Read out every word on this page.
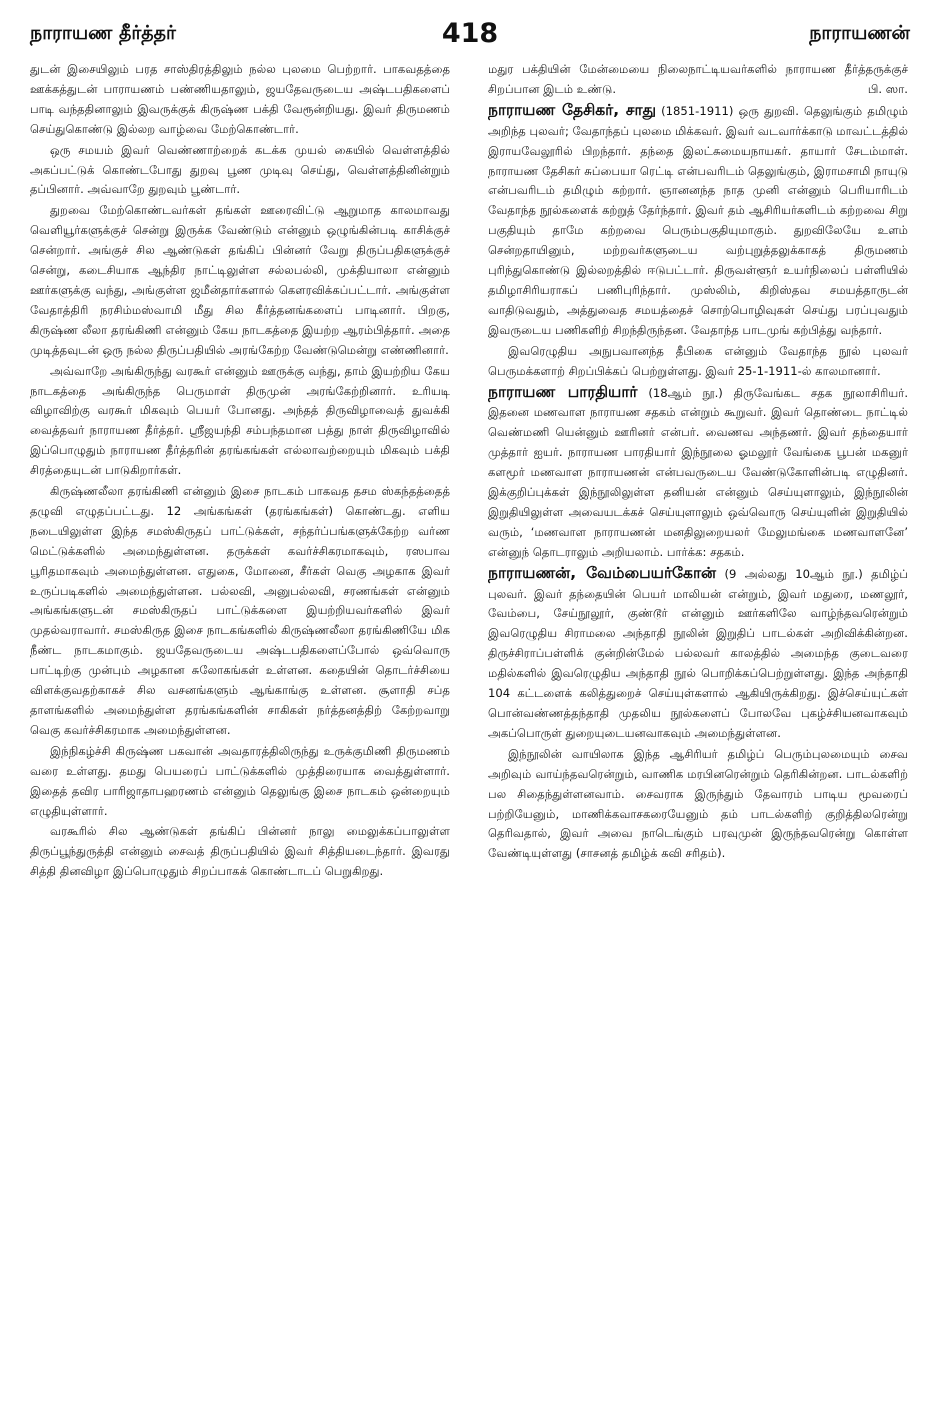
நாராயண தீர்த்தர்	418	நாராயணன்

துடன் இசையிலும் பரத சாஸ்திரத்திலும் நல்ல புலமை பெற்றார். பாகவதத்தை ஊக்கத்துடன் பாராயணம் பண்ணியதாலும், ஜயதேவருடைய அஷ்டபதிகளைப் பாடி வந்ததினாலும் இவருக்குக் கிருஷ்ண பக்தி வேரூன்றியது. இவர் திருமணம் செய்துகொண்டு இல்லற வாழ்வை மேற்கொண்டார்.

ஒரு சமயம் இவர் வெண்ணாற்றைக் கடக்க முயல் கையில் வெள்ளத்தில் அகப்பட்டுக் கொண்டபோது துறவு பூண முடிவு செய்து, வெள்ளத்தினின்றும் தப்பினார். அவ்வாறே துறவும் பூண்டார்.

துறவை மேற்கொண்டவர்கள் தங்கள் ஊரைவிட்டு ஆறுமாத காலமாவது வெளியூர்களுக்குச் சென்று இருக்க வேண்டும் என்னும் ஒழுங்கின்படி காசிக்குச் சென்றார். அங்குச் சில ஆண்டுகள் தங்கிப் பின்னர் வேறு திருப்பதிகளுக்குச் சென்று, கடைசியாக ஆந்திர நாட்டிலுள்ள சல்லபல்லி, முக்தியாலா என்னும் ஊர்களுக்கு வந்து, அங்குள்ள ஜமீன்தார்களால் கௌரவிக்கப்பட்டார். அங்குள்ள வேதாத்திரி நரசிம்மஸ்வாமி மீது சில கீர்த்தனங்களைப் பாடினார். பிறகு, கிருஷ்ண லீலா தரங்கிணி என்னும் கேய நாடகத்தை இயற்ற ஆரம்பித்தார். அதை முடித்தவுடன் ஒரு நல்ல திருப்பதியில் அரங்கேற்ற வேண்டுமென்று எண்ணினார்.

அவ்வாறே அங்கிருந்து வரகூர் என்னும் ஊருக்கு வந்து, தாம் இயற்றிய கேய நாடகத்தை அங்கிருந்த பெருமாள் திருமுன் அரங்கேற்றினார். உரியடி விழாவிற்கு வரகூர் மிகவும் பெயர் போனது. அந்தத் திருவிழாவைத் துவக்கி வைத்தவர் நாராயண தீர்த்தர். ஸ்ரீஜயந்தி சம்பந்தமான பத்து நாள் திருவிழாவில் இப்பொழுதும் நாராயண தீர்த்தரின் தரங்கங்கள் எல்லாவற்றையும் மிகவும் பக்தி சிரத்தையுடன் பாடுகிறார்கள்.

கிருஷ்ணலீலா தரங்கிணி என்னும் இசை நாடகம் பாகவத தசம ஸ்கந்தத்தைத் தழுவி எழுதப்பட்டது. 12 அங்கங்கள் (தரங்கங்கள்) கொண்டது. எளிய நடையிலுள்ள இந்த சமஸ்கிருதப் பாட்டுக்கள், சந்தர்ப்பங்களுக்கேற்ற வர்ண மெட்டுக்களில் அமைந்துள்ளன. தருக்கள் கவர்ச்சிகரமாகவும், ரஸபாவ பூரிதமாகவும் அமைந்துள்ளன. எதுகை, மோனை, சீர்கள் வெகு அழகாக இவர் உருப்படிகளில் அமைந்துள்ளன. பல்லவி, அனுபல்லவி, சரணங்கள் என்னும் அங்கங்களுடன் சமஸ்கிருதப் பாட்டுக்களை இயற்றியவர்களில் இவர் முதல்வராவார். சமஸ்கிருத இசை நாடகங்களில் கிருஷ்ணலீலா தரங்கிணியே மிக நீண்ட நாடகமாகும். ஜயதேவருடைய அஷ்டபதிகளைப்போல் ஒவ்வொரு பாட்டிற்கு முன்பும் அழகான சுலோகங்கள் உள்ளன. கதையின் தொடர்ச்சியை விளக்குவதற்காகச் சில வசனங்களும் ஆங்காங்கு உள்ளன. சூளாதி சப்த தாளங்களில் அமைந்துள்ள தரங்கங்களின் சாகிகள் நர்த்தனத்திற் கேற்றவாறு வெகு கவர்ச்சிகரமாக அமைந்துள்ளன.

இந்நிகழ்ச்சி கிருஷ்ண பகவான் அவதாரத்திலிருந்து உருக்குமிணி திருமணம் வரை உள்ளது. தமது பெயரைப் பாட்டுக்களில் முத்திரையாக வைத்துள்ளார். இதைத் தவிர பாரிஜாதாபஹரணம் என்னும் தெலுங்கு இசை நாடகம் ஒன்றையும் எழுதியுள்ளார்.

வரகூரில் சில ஆண்டுகள் தங்கிப் பின்னர் நாலு மைலுக்கப்பாலுள்ள திருப்பூந்துருத்தி என்னும் சைவத் திருப்பதியில் இவர் சித்தியடைந்தார். இவரது சித்தி தினவிழா இப்பொழுதும் சிறப்பாகக் கொண்டாடப் பெறுகிறது.

மதுர பக்தியின் மேன்மையை நிலைநாட்டியவர்களில் நாராயண தீர்த்தருக்குச் சிறப்பான இடம் உண்டு.	பி. ஸா.

நாராயண தேசிகர், சாது (1851-1911) ஒரு துறவி. தெலுங்கும் தமிழும் அறிந்த புலவர்; வேதாந்தப் புலமை மிக்கவர். இவர் வடவார்க்காடு மாவட்டத்தில் இராயவேலூரில் பிறந்தார். தந்தை இலட்சுமையநாயகர். தாயார் சேடம்மாள். நாராயண தேசிகர் சுப்பையா ரெட்டி என்பவரிடம் தெலுங்கும், இராமசாமி நாயுடு என்பவரிடம் தமிழும் கற்றார். ஞானனந்த நாத முனி என்னும் பெரியாரிடம் வேதாந்த நூல்களைக் கற்றுத் தேர்ந்தார். இவர் தம் ஆசிரியர்களிடம் கற்றவை சிறு பகுதியும் தாமே கற்றவை பெரும்பகுதியுமாகும். துறவிலேயே உளம் சென்றதாயினும், மற்றவர்களுடைய வற்புறுத்தலுக்காகத் திருமணம் புரிந்துகொண்டு இல்லறத்தில் ஈடுபட்டார். திருவள்ளூர் உயர்நிலைப் பள்ளியில் தமிழாசிரியராகப் பணிபுரிந்தார். முஸ்லிம், கிறிஸ்தவ சமயத்தாருடன் வாதிடுவதும், அத்துவைத சமயத்தைச் சொற்பொழிவுகள் செய்து பரப்புவதும் இவருடைய பணிகளிற் சிறந்திருந்தன. வேதாந்த பாடமுங் கற்பித்து வந்தார்.

இவரெழுதிய அநுபவானந்த தீபிகை என்னும் வேதாந்த நூல் புலவர் பெருமக்களாற் சிறப்பிக்கப் பெற்றுள்ளது. இவர் 25-1-1911-ல் காலமானார்.

நாராயண பாரதியார் (18ஆம் நூ.) திருவேங்கட சதக நூலாசிரியர். இதனை மணவாள நாராயண சதகம் என்றும் கூறுவர். இவர் தொண்டை நாட்டில் வெண்மணி யென்னும் ஊரினர் என்பர். வைணவ அந்தணர். இவர் தந்தையார் முத்தார் ஐயர். நாராயண பாரதியார் இந்நூலை ஓமலூர் வேங்கை பூபன் மகனுர் களமூர் மணவாள நாராயணன் என்பவருடைய வேண்டுகோளின்படி எழுதினர். இக்குறிப்புக்கள் இந்நூலிலுள்ள தனியன் என்னும் செய்யுளாலும், இந்நூலின் இறுதியிலுள்ள அவையடக்கச் செய்யுளாலும் ஒவ்வொரு செய்யுளின் இறுதியில் வரும், ‘மணவாள நாராயணன் மனதிலுறையலர் மேலுமங்கை மணவாளனே’ என்னுந் தொடராலும் அறியலாம். பார்க்க: சதகம்.

நாராயணன், வேம்பையர்கோன் (9 அல்லது 10ஆம் நூ.) தமிழ்ப் புலவர். இவர் தந்தையின் பெயர் மாலியன் என்றும், இவர் மதுரை, மணலூர், வேம்பை, சேய்நூலூர், குண்டூர் என்னும் ஊர்களிலே வாழ்ந்தவரென்றும் இவரெழுதிய சிராமலை அந்தாதி நூலின் இறுதிப் பாடல்கள் அறிவிக்கின்றன. திருச்சிராப்பள்ளிக் குன்றின்மேல் பல்லவர் காலத்தில் அமைந்த குடைவரை மதில்களில் இவரெழுதிய அந்தாதி நூல் பொறிக்கப்பெற்றுள்ளது. இந்த அந்தாதி 104 கட்டளைக் கலித்துறைச் செய்யுள்களால் ஆகியிருக்கிறது. இச்செய்யுட்கள் பொன்வண்ணத்தந்தாதி முதலிய நூல்களைப் போலவே புகழ்ச்சியனவாகவும் அகப்பொருள் துறையுடையனவாகவும் அமைந்துள்ளன.

இந்நூலின் வாயிலாக இந்த ஆசிரியர் தமிழ்ப் பெரும்புலமையும் சைவ அறிவும் வாய்ந்தவரென்றும், வாணிக மரபினரென்றும் தெரிகின்றன. பாடல்களிற் பல சிதைந்துள்ளனவாம். சைவராக இருந்தும் தேவாரம் பாடிய மூவரைப் பற்றியேனும், மாணிக்கவாசகரையேனும் தம் பாடல்களிற் குறித்திலரென்று தெரிவதால், இவர் அவை நாடெங்கும் பரவுமுன் இருந்தவரென்று கொள்ள வேண்டியுள்ளது (சாசனத் தமிழ்க் கவி சரிதம்).
